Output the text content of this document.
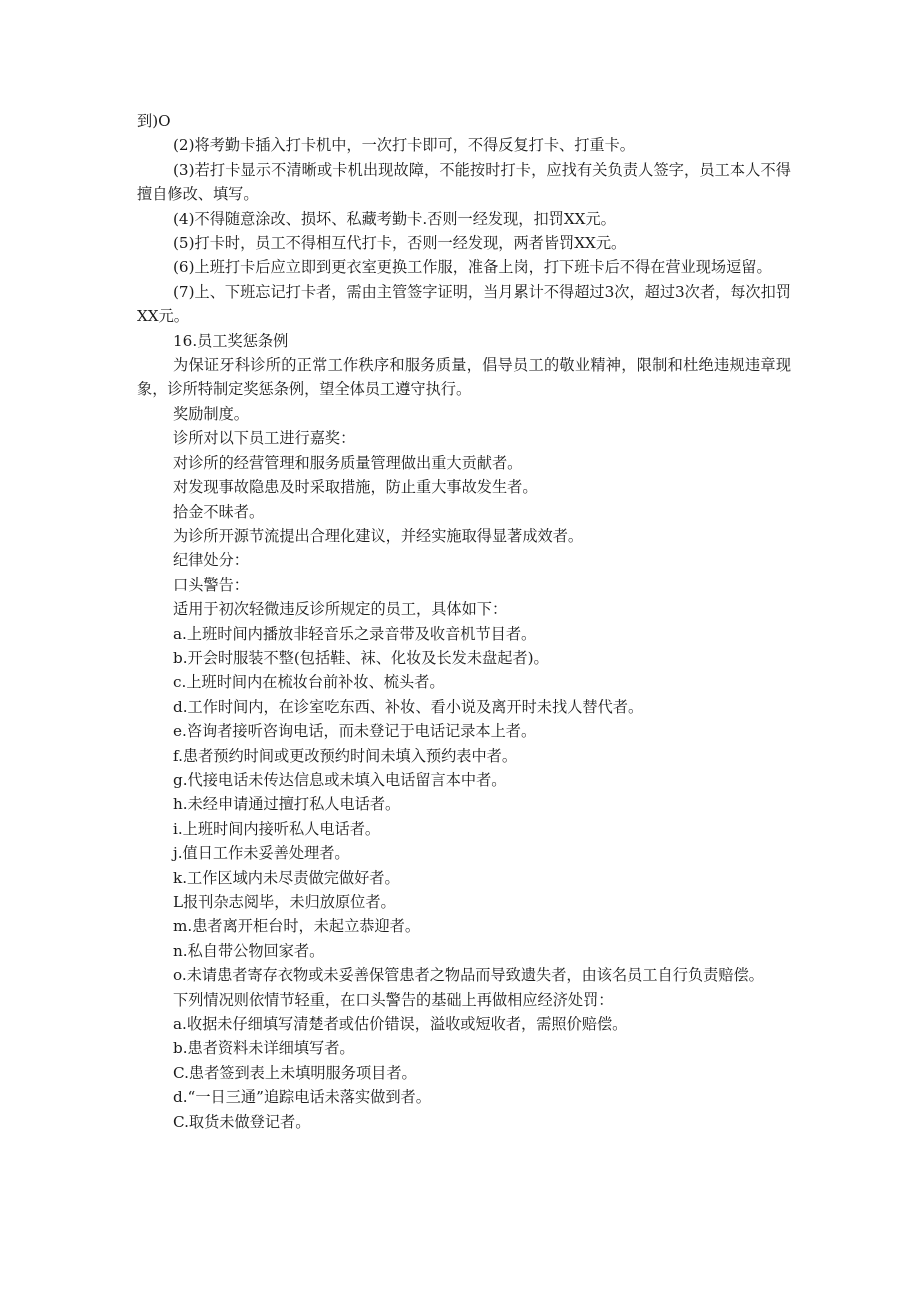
到)O

(2)将考勤卡插入打卡机中，一次打卡即可，不得反复打卡、打重卡。

(3)若打卡显示不清晰或卡机出现故障，不能按时打卡，应找有关负责人签字，员工本人不得擅自修改、填写。

(4)不得随意涂改、损坏、私藏考勤卡.否则一经发现，扣罚XX元。

(5)打卡时，员工不得相互代打卡，否则一经发现，两者皆罚XX元。

(6)上班打卡后应立即到更衣室更换工作服，准备上岗，打下班卡后不得在营业现场逗留。

(7)上、下班忘记打卡者，需由主管签字证明，当月累计不得超过3次，超过3次者，每次扣罚XX元。

16.员工奖惩条例

为保证牙科诊所的正常工作秩序和服务质量，倡导员工的敬业精神，限制和杜绝违规违章现象，诊所特制定奖惩条例，望全体员工遵守执行。

奖励制度。

诊所对以下员工进行嘉奖：

对诊所的经营管理和服务质量管理做出重大贡献者。

对发现事故隐患及时采取措施，防止重大事故发生者。

拾金不昧者。

为诊所开源节流提出合理化建议，并经实施取得显著成效者。

纪律处分：

口头警告：

适用于初次轻微违反诊所规定的员工，具体如下：

a.上班时间内播放非轻音乐之录音带及收音机节目者。

b.开会时服装不整(包括鞋、袜、化妆及长发未盘起者)。

c.上班时间内在梳妆台前补妆、梳头者。

d.工作时间内，在诊室吃东西、补妆、看小说及离开时未找人替代者。

e.咨询者接听咨询电话，而未登记于电话记录本上者。

f.患者预约时间或更改预约时间未填入预约表中者。

g.代接电话未传达信息或未填入电话留言本中者。

h.未经申请通过擅打私人电话者。

i.上班时间内接听私人电话者。

j.值日工作未妥善处理者。

k.工作区域内未尽责做完做好者。

L报刊杂志阅毕，未归放原位者。

m.患者离开柜台时，未起立恭迎者。

n.私自带公物回家者。

o.未请患者寄存衣物或未妥善保管患者之物品而导致遗失者，由该名员工自行负责赔偿。

下列情况则依情节轻重，在口头警告的基础上再做相应经济处罚：

a.收据未仔细填写清楚者或估价错误，溢收或短收者，需照价赔偿。

b.患者资料未详细填写者。

C.患者签到表上未填明服务项目者。

d.“一日三通”追踪电话未落实做到者。

C.取货未做登记者。
